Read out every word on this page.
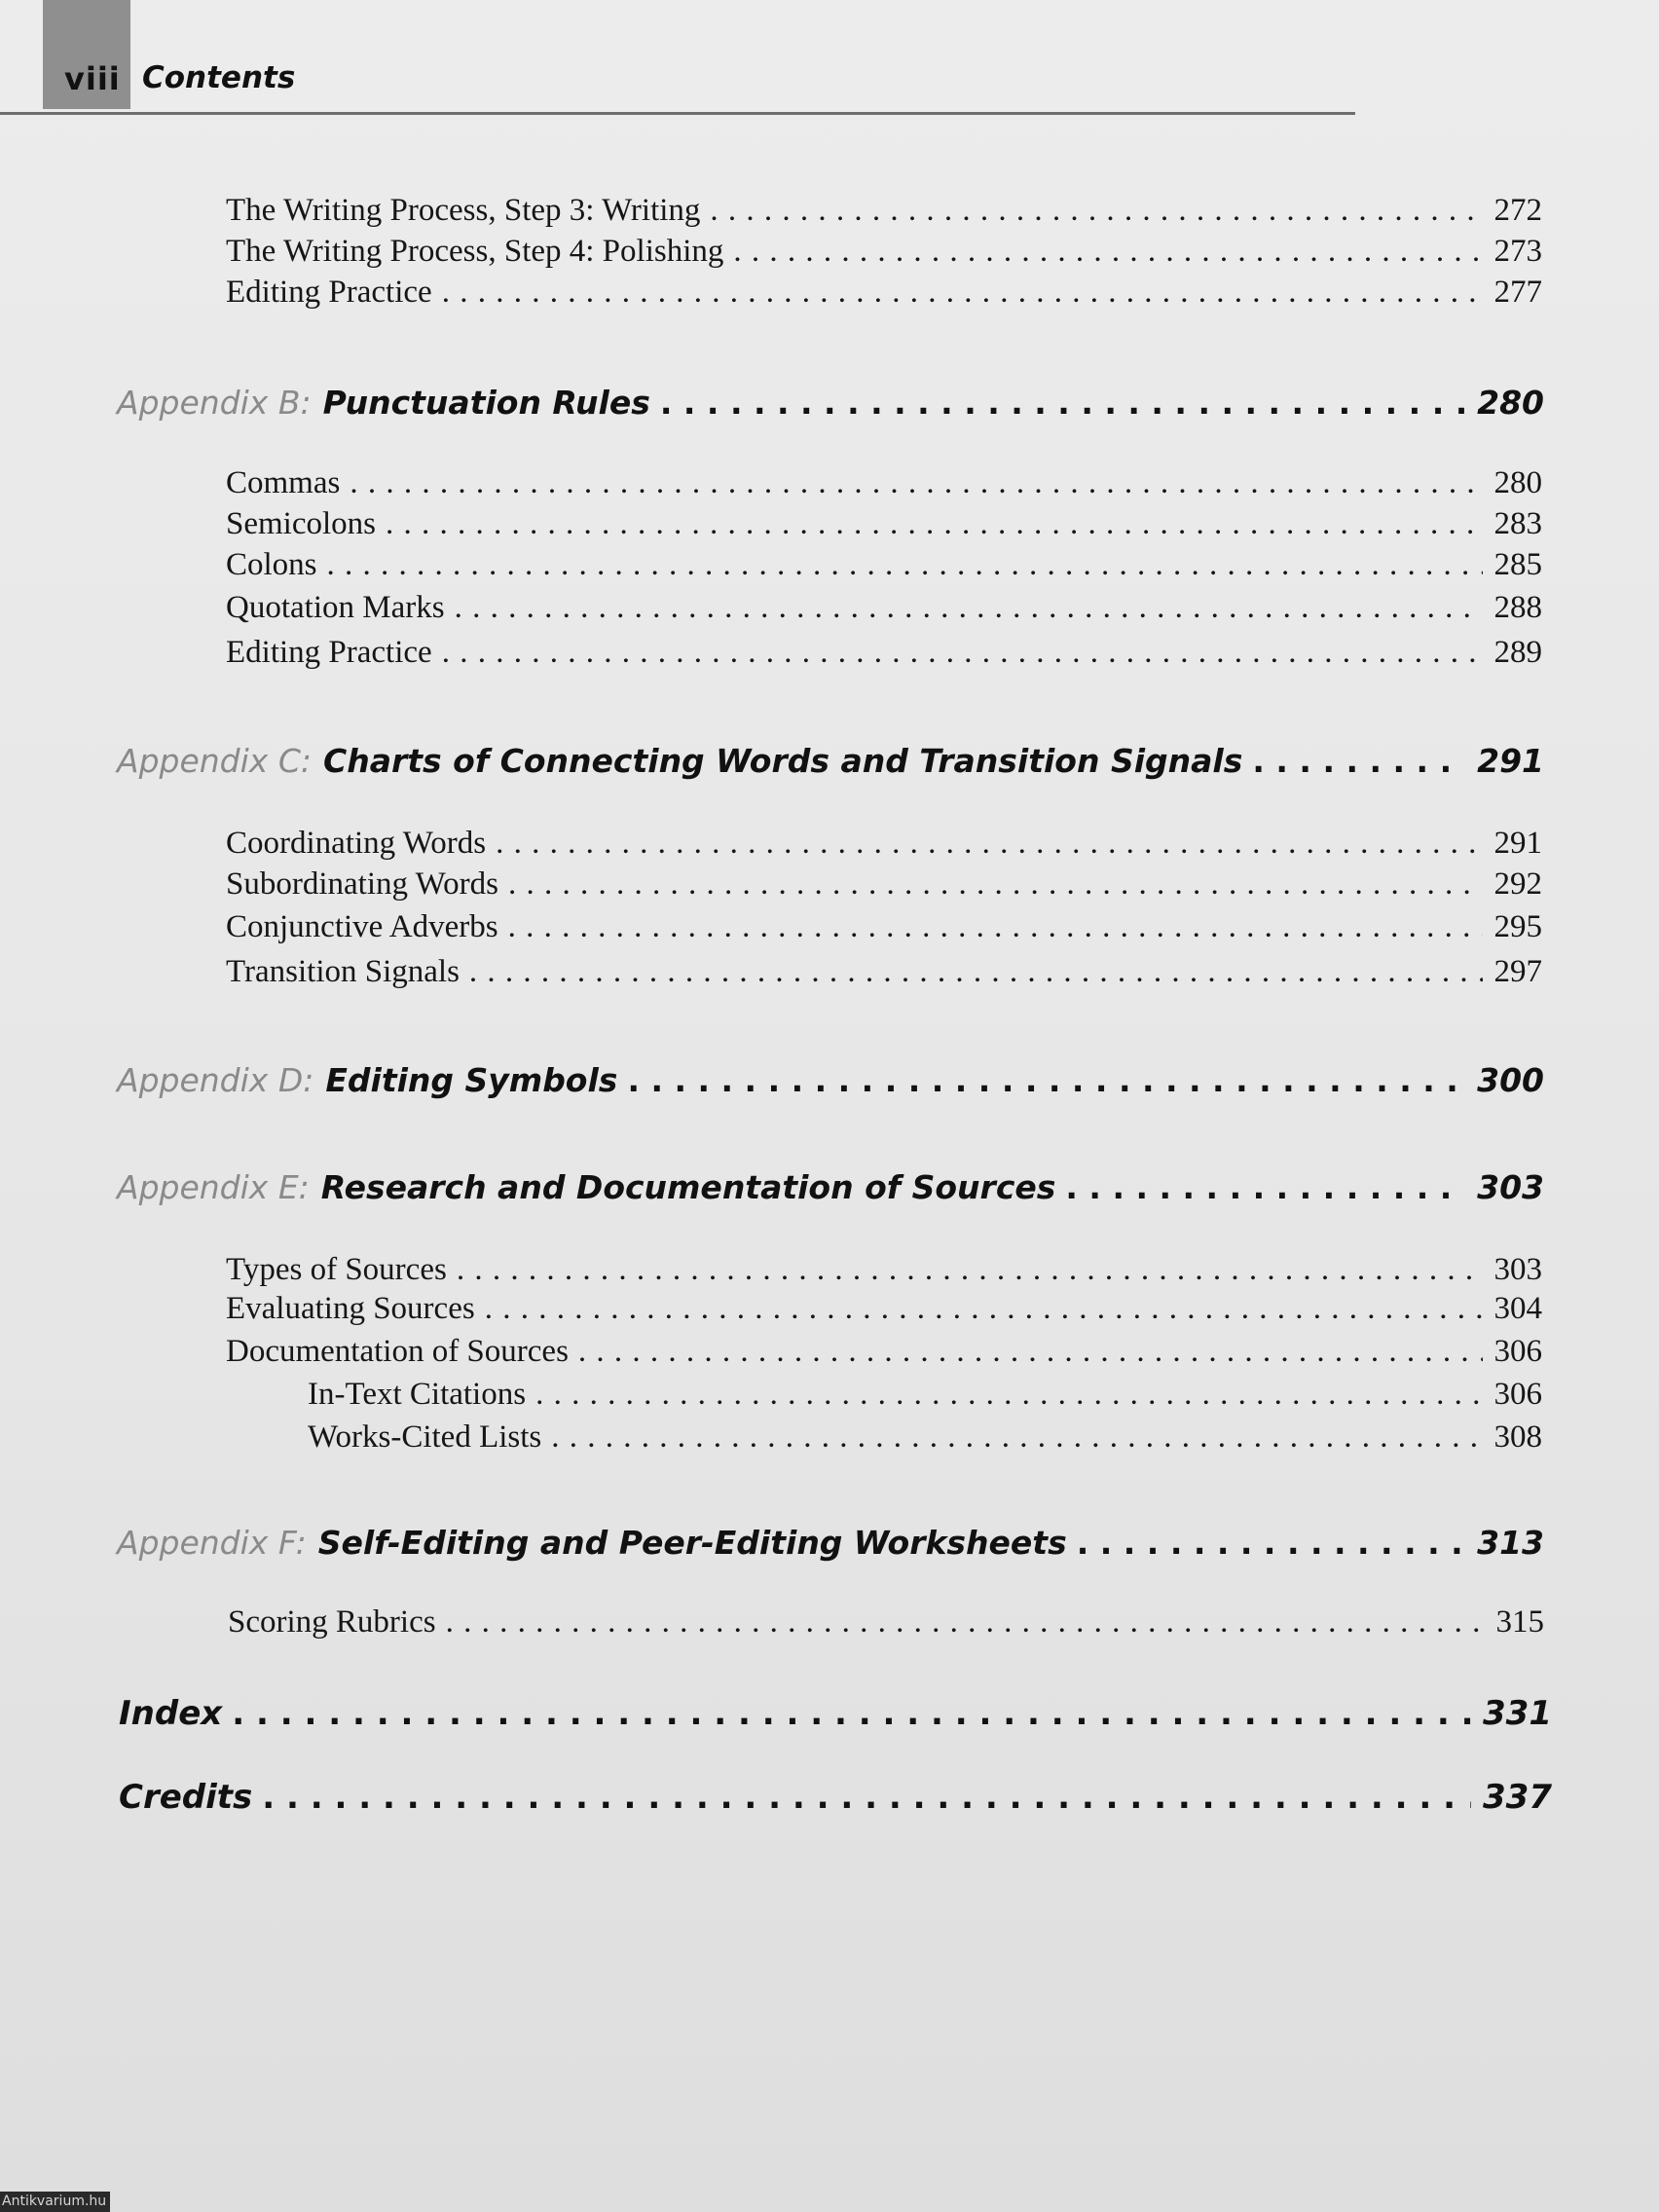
viii Contents
The Writing Process, Step 3: Writing . . .	272
The Writing Process, Step 4: Polishing . . .	273
Editing Practice . . .	277
Appendix B: Punctuation Rules . . .	280
Commas . . .	280
Semicolons . . .	283
Colons . . .	285
Quotation Marks . . .	288
Editing Practice . . .	289
Appendix C: Charts of Connecting Words and Transition Signals . . .	291
Coordinating Words . . .	291
Subordinating Words . . .	292
Conjunctive Adverbs . . .	295
Transition Signals . . .	297
Appendix D: Editing Symbols . . .	300
Appendix E: Research and Documentation of Sources . . .	303
Types of Sources . . .	303
Evaluating Sources . . .	304
Documentation of Sources . . .	306
In-Text Citations . . .	306
Works-Cited Lists . . .	308
Appendix F: Self-Editing and Peer-Editing Worksheets . . .	313
Scoring Rubrics . . .	315
Index . . .	331
Credits . . .	337
Antikvarium.hu
